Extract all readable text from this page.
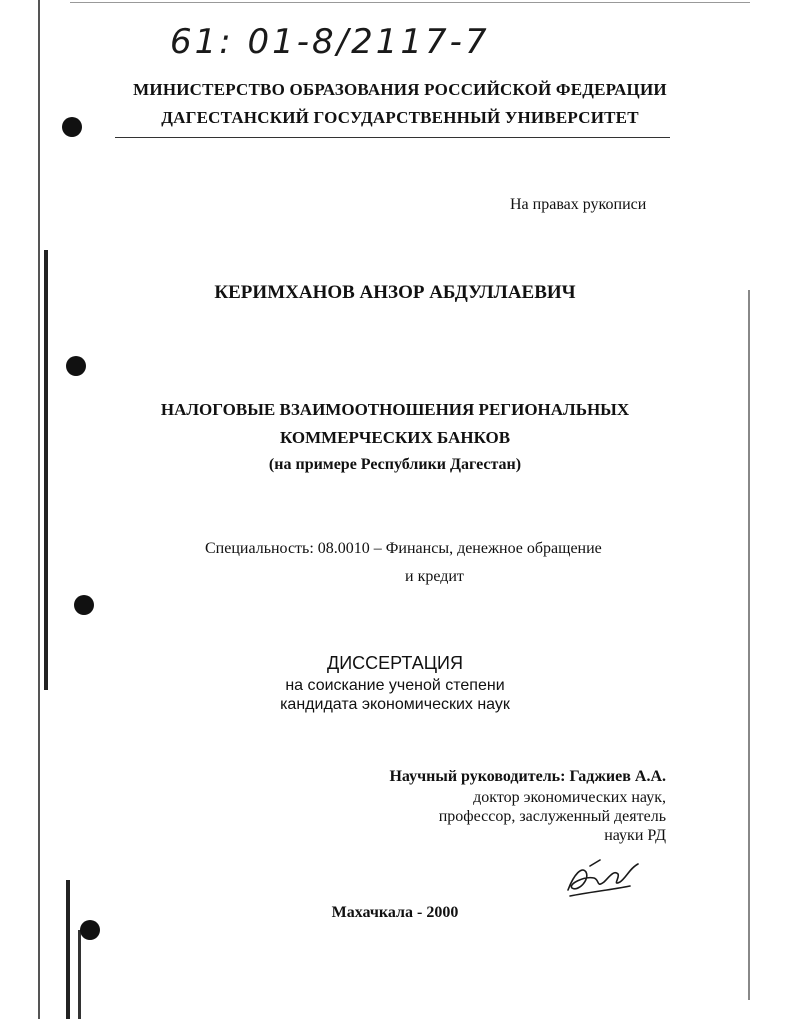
61: 01-8/2117-7
МИНИСТЕРСТВО ОБРАЗОВАНИЯ РОССИЙСКОЙ ФЕДЕРАЦИИ
ДАГЕСТАНСКИЙ ГОСУДАРСТВЕННЫЙ УНИВЕРСИТЕТ
На правах рукописи
КЕРИМХАНОВ АНЗОР АБДУЛЛАЕВИЧ
НАЛОГОВЫЕ ВЗАИМООТНОШЕНИЯ РЕГИОНАЛЬНЫХ
КОММЕРЧЕСКИХ БАНКОВ
(на примере Республики Дагестан)
Специальность: 08.0010 – Финансы, денежное обращение
и кредит
ДИССЕРТАЦИЯ
на соискание ученой степени
кандидата экономических наук
Научный руководитель: Гаджиев А.А.
доктор экономических наук,
профессор, заслуженный деятель
науки РД
Махачкала - 2000
